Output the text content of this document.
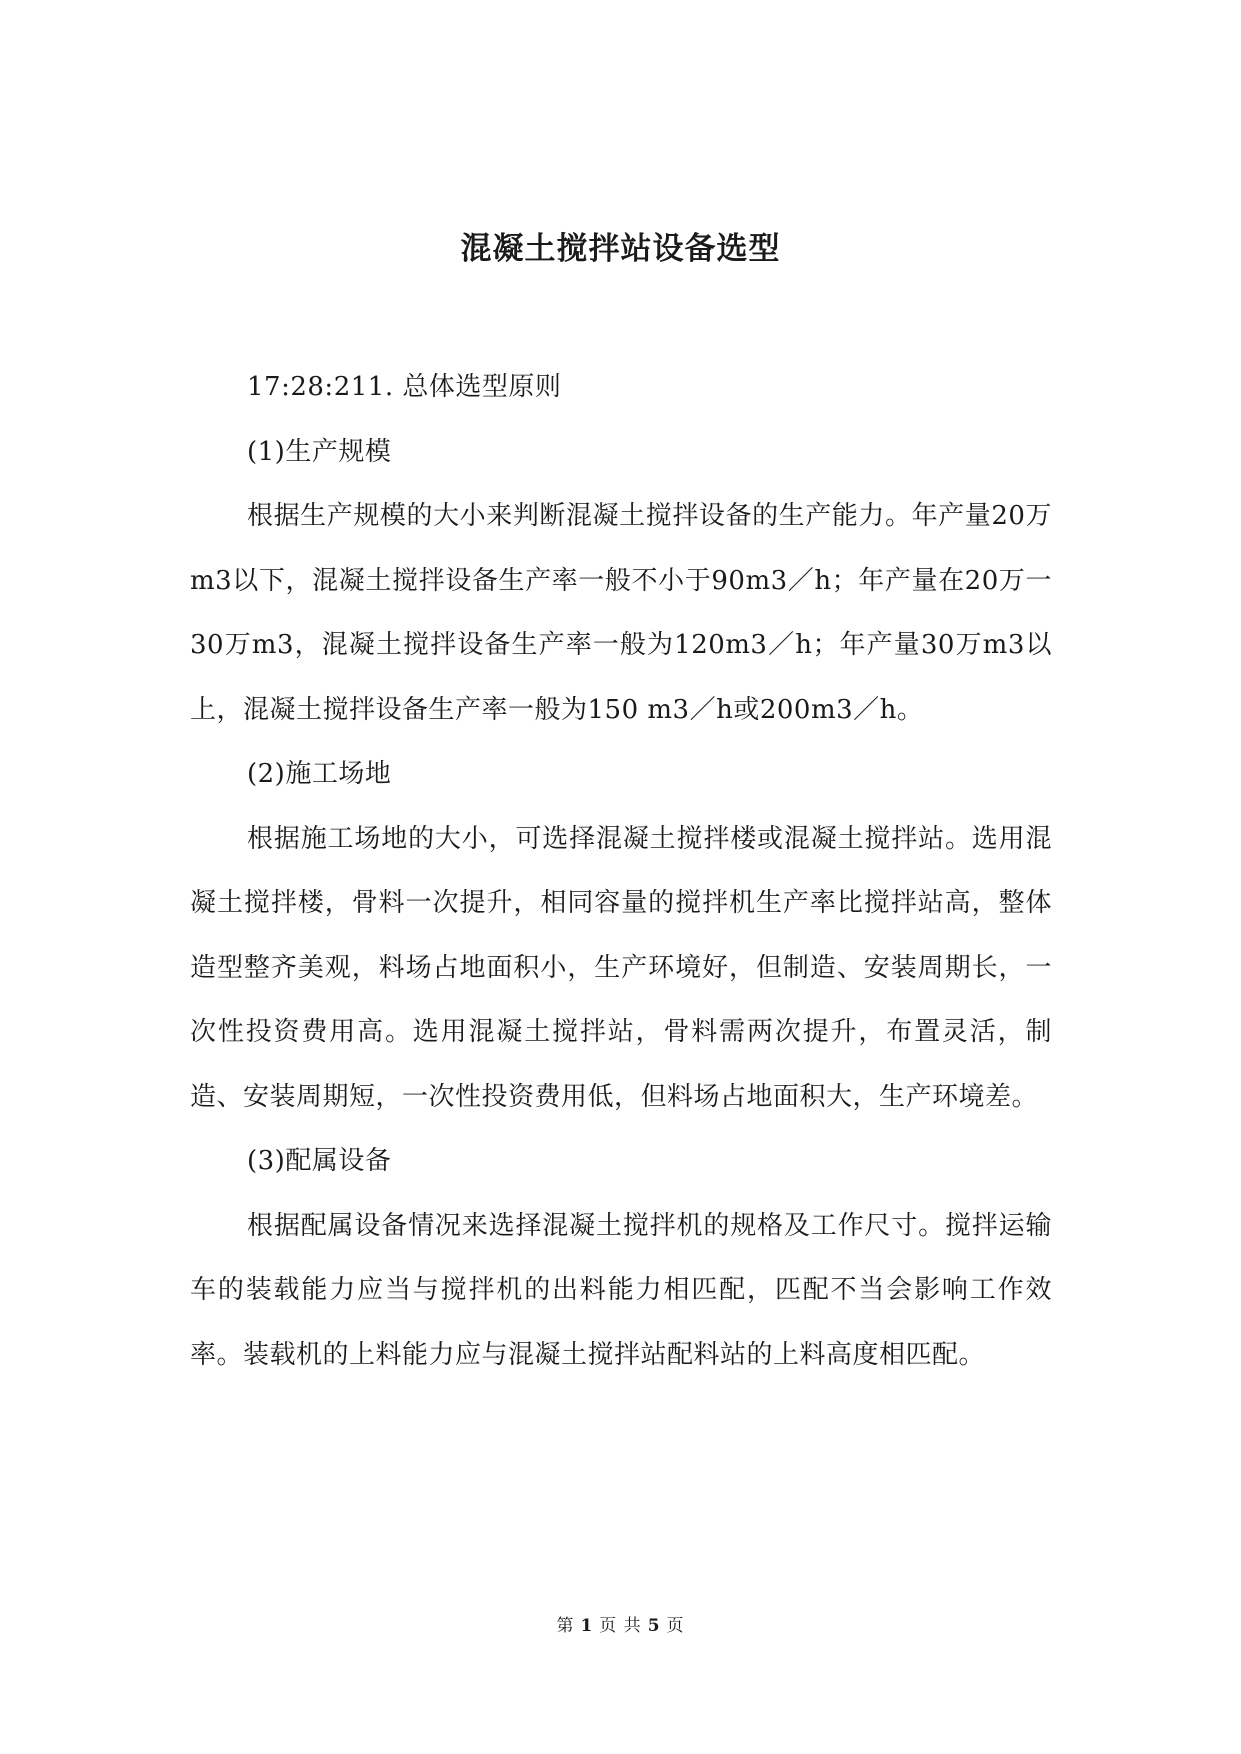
混凝土搅拌站设备选型

17:28:211. 总体选型原则

(1)生产规模

根据生产规模的大小来判断混凝土搅拌设备的生产能力。年产量20万m3以下，混凝土搅拌设备生产率一般不小于90m3／h；年产量在20万一30万m3，混凝土搅拌设备生产率一般为120m3／h；年产量30万m3以上，混凝土搅拌设备生产率一般为150 m3／h或200m3／h。

(2)施工场地

根据施工场地的大小，可选择混凝土搅拌楼或混凝土搅拌站。选用混凝土搅拌楼，骨料一次提升，相同容量的搅拌机生产率比搅拌站高，整体造型整齐美观，料场占地面积小，生产环境好，但制造、安装周期长，一次性投资费用高。选用混凝土搅拌站，骨料需两次提升，布置灵活，制造、安装周期短，一次性投资费用低，但料场占地面积大，生产环境差。

(3)配属设备

根据配属设备情况来选择混凝土搅拌机的规格及工作尺寸。搅拌运输车的装载能力应当与搅拌机的出料能力相匹配，匹配不当会影响工作效率。装载机的上料能力应与混凝土搅拌站配料站的上料高度相匹配。

第 1 页 共 5 页
